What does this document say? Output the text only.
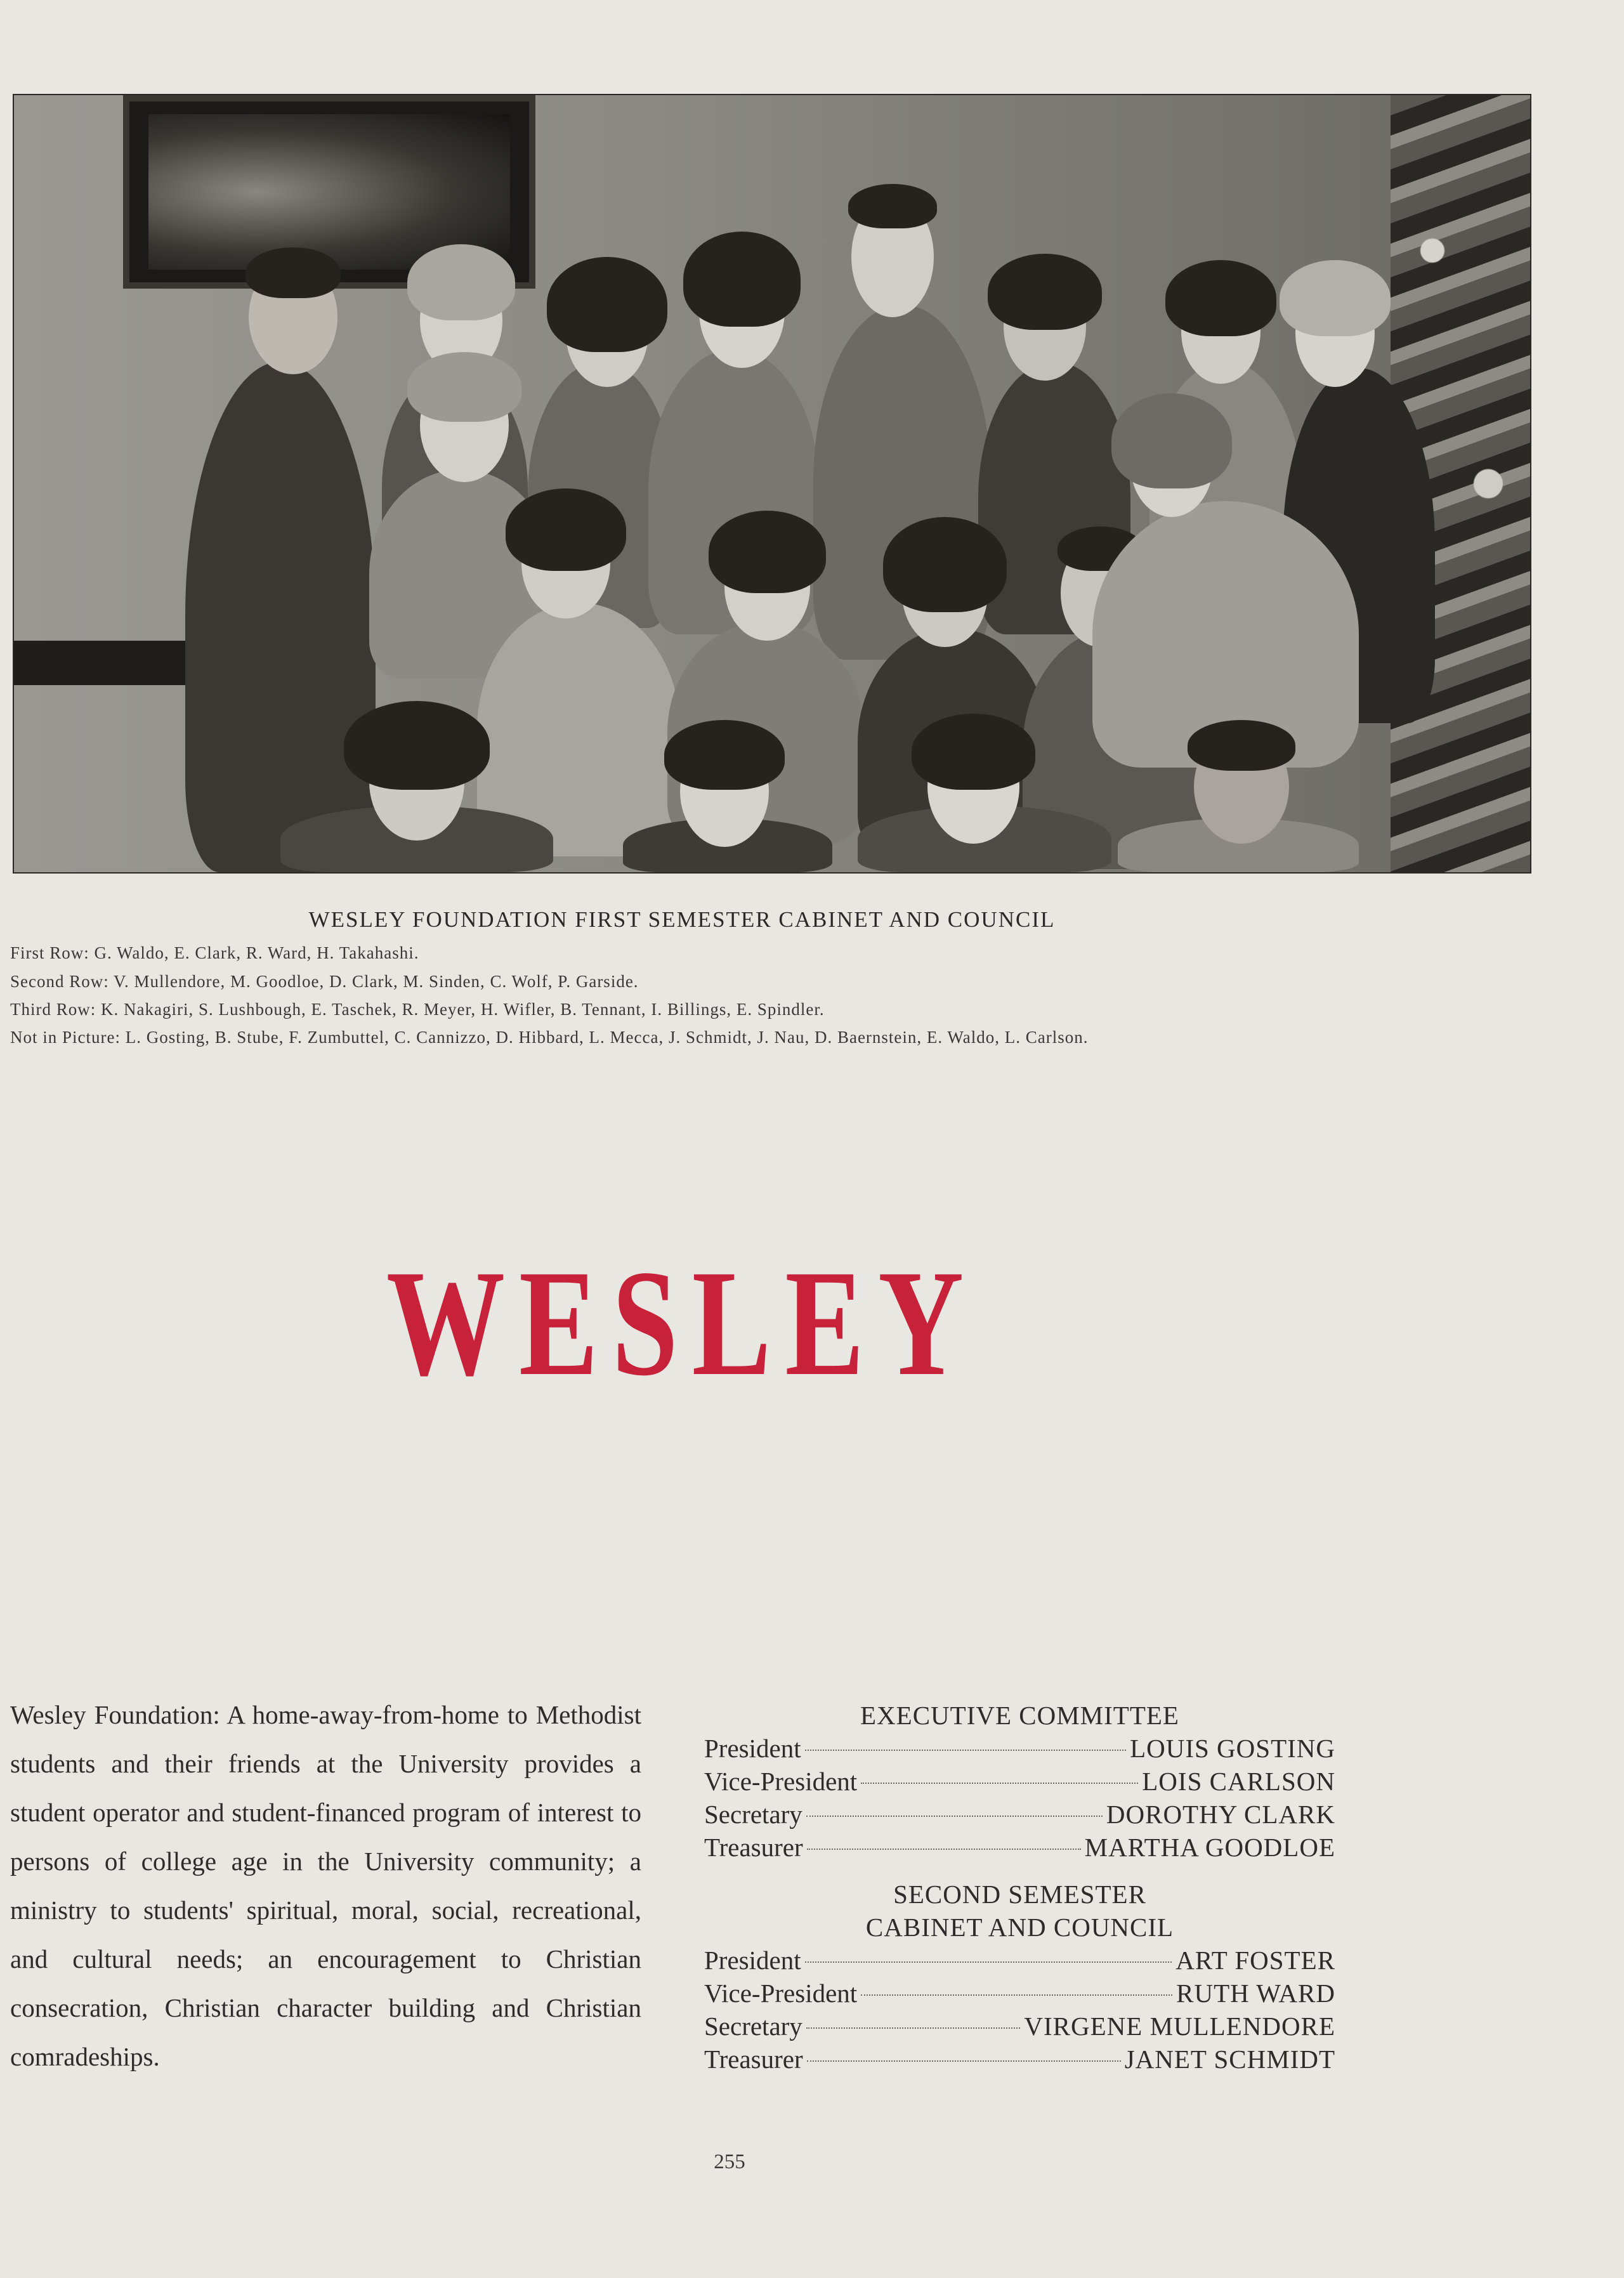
WESLEY FOUNDATION FIRST SEMESTER CABINET AND COUNCIL
First Row: G. Waldo, E. Clark, R. Ward, H. Takahashi.
Second Row: V. Mullendore, M. Goodloe, D. Clark, M. Sinden, C. Wolf, P. Garside.
Third Row: K. Nakagiri, S. Lushbough, E. Taschek, R. Meyer, H. Wifler, B. Tennant, I. Billings, E. Spindler.
Not in Picture: L. Gosting, B. Stube, F. Zumbuttel, C. Cannizzo, D. Hibbard, L. Mecca, J. Schmidt, J. Nau, D. Baernstein, E. Waldo, L. Carlson.
WESLEY
Wesley Foundation: A home-away-from-home to Methodist students and their friends at the University provides a student operator and student-financed program of interest to persons of college age in the University community; a ministry to students' spiritual, moral, social, recreational, and cultural needs; an encouragement to Christian consecration, Christian character building and Christian comradeships.
EXECUTIVE COMMITTEE
President	LOUIS GOSTING
Vice-President	LOIS CARLSON
Secretary	DOROTHY CLARK
Treasurer	MARTHA GOODLOE
SECOND SEMESTER
CABINET AND COUNCIL
President	ART FOSTER
Vice-President	RUTH WARD
Secretary	VIRGENE MULLENDORE
Treasurer	JANET SCHMIDT
255
